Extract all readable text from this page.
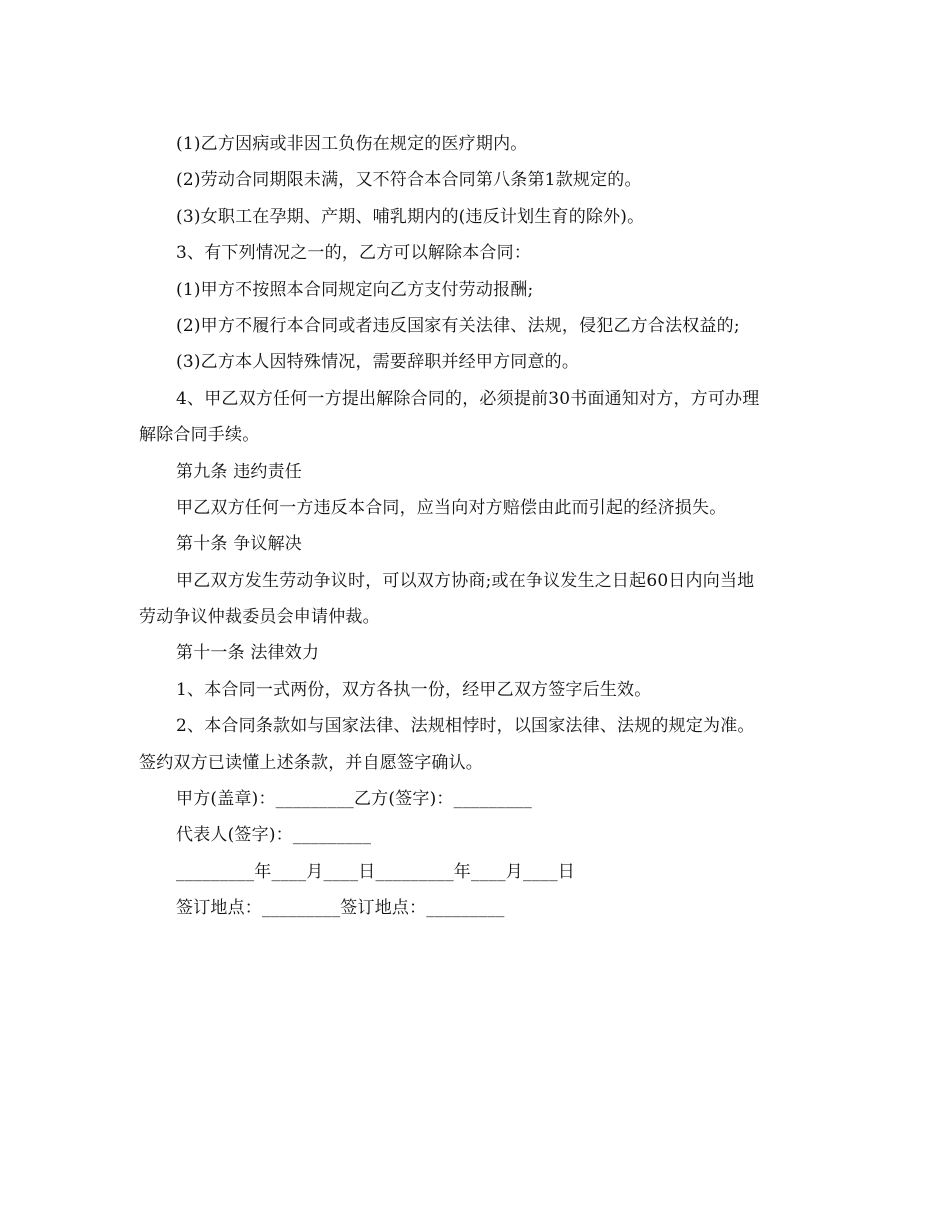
(1)乙方因病或非因工负伤在规定的医疗期内。

(2)劳动合同期限未满，又不符合本合同第八条第1款规定的。

(3)女职工在孕期、产期、哺乳期内的(违反计划生育的除外)。

3、有下列情况之一的，乙方可以解除本合同：

(1)甲方不按照本合同规定向乙方支付劳动报酬;

(2)甲方不履行本合同或者违反国家有关法律、法规，侵犯乙方合法权益的;

(3)乙方本人因特殊情况，需要辞职并经甲方同意的。

4、甲乙双方任何一方提出解除合同的，必须提前30书面通知对方，方可办理

解除合同手续。

第九条 违约责任

甲乙双方任何一方违反本合同，应当向对方赔偿由此而引起的经济损失。

第十条 争议解决

甲乙双方发生劳动争议时，可以双方协商;或在争议发生之日起60日内向当地

劳动争议仲裁委员会申请仲裁。

第十一条 法律效力

1、本合同一式两份，双方各执一份，经甲乙双方签字后生效。

2、本合同条款如与国家法律、法规相悖时，以国家法律、法规的规定为准。

签约双方已读懂上述条款，并自愿签字确认。

甲方(盖章)：_________乙方(签字)：_________

代表人(签字)：_________

_________年____月____日_________年____月____日

签订地点：_________签订地点：_________
